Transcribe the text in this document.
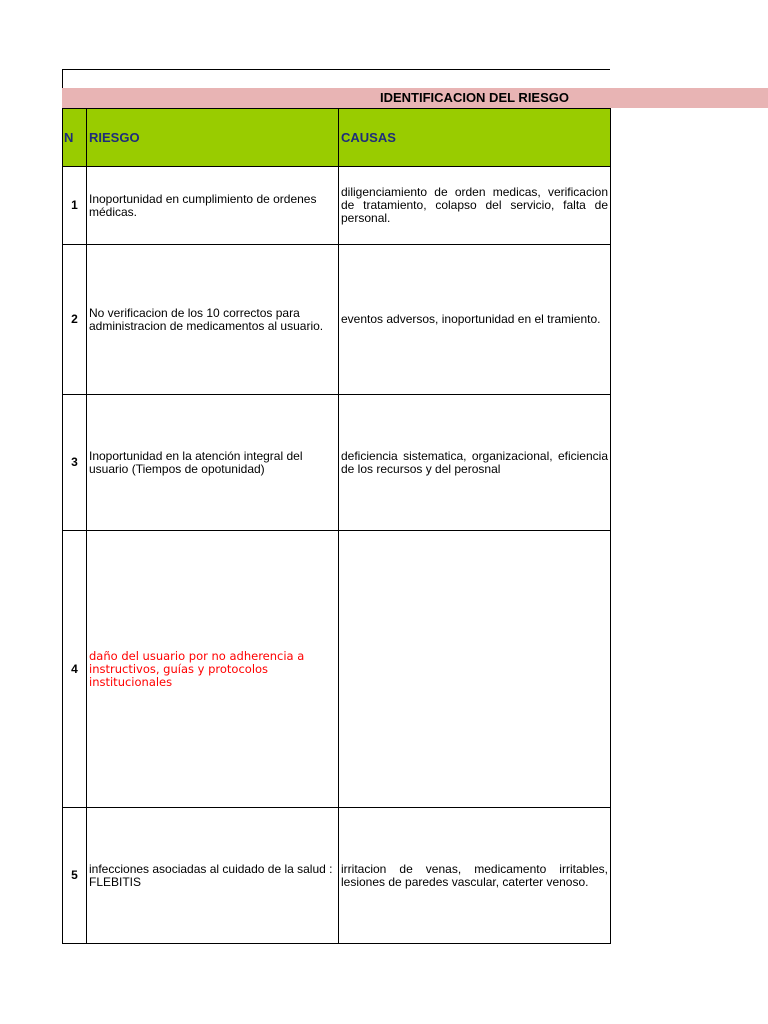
IDENTIFICACION DEL RIESGO
N	RIESGO	CAUSAS
1	Inoportunidad en cumplimiento de ordenes médicas.	diligenciamiento de orden medicas, verificacion de tratamiento, colapso del servicio, falta de personal.
2	No verificacion de los 10 correctos para administracion de medicamentos al usuario.	eventos adversos, inoportunidad en el tramiento.
3	Inoportunidad en la atención integral del usuario (Tiempos de opotunidad)	deficiencia sistematica, organizacional, eficiencia de los recursos y del perosnal
4	daño del usuario por no adherencia a instructivos, guías y protocolos institucionales	
5	infecciones asociadas al cuidado de la salud : FLEBITIS	irritacion de venas, medicamento irritables, lesiones de paredes vascular, caterter venoso.
